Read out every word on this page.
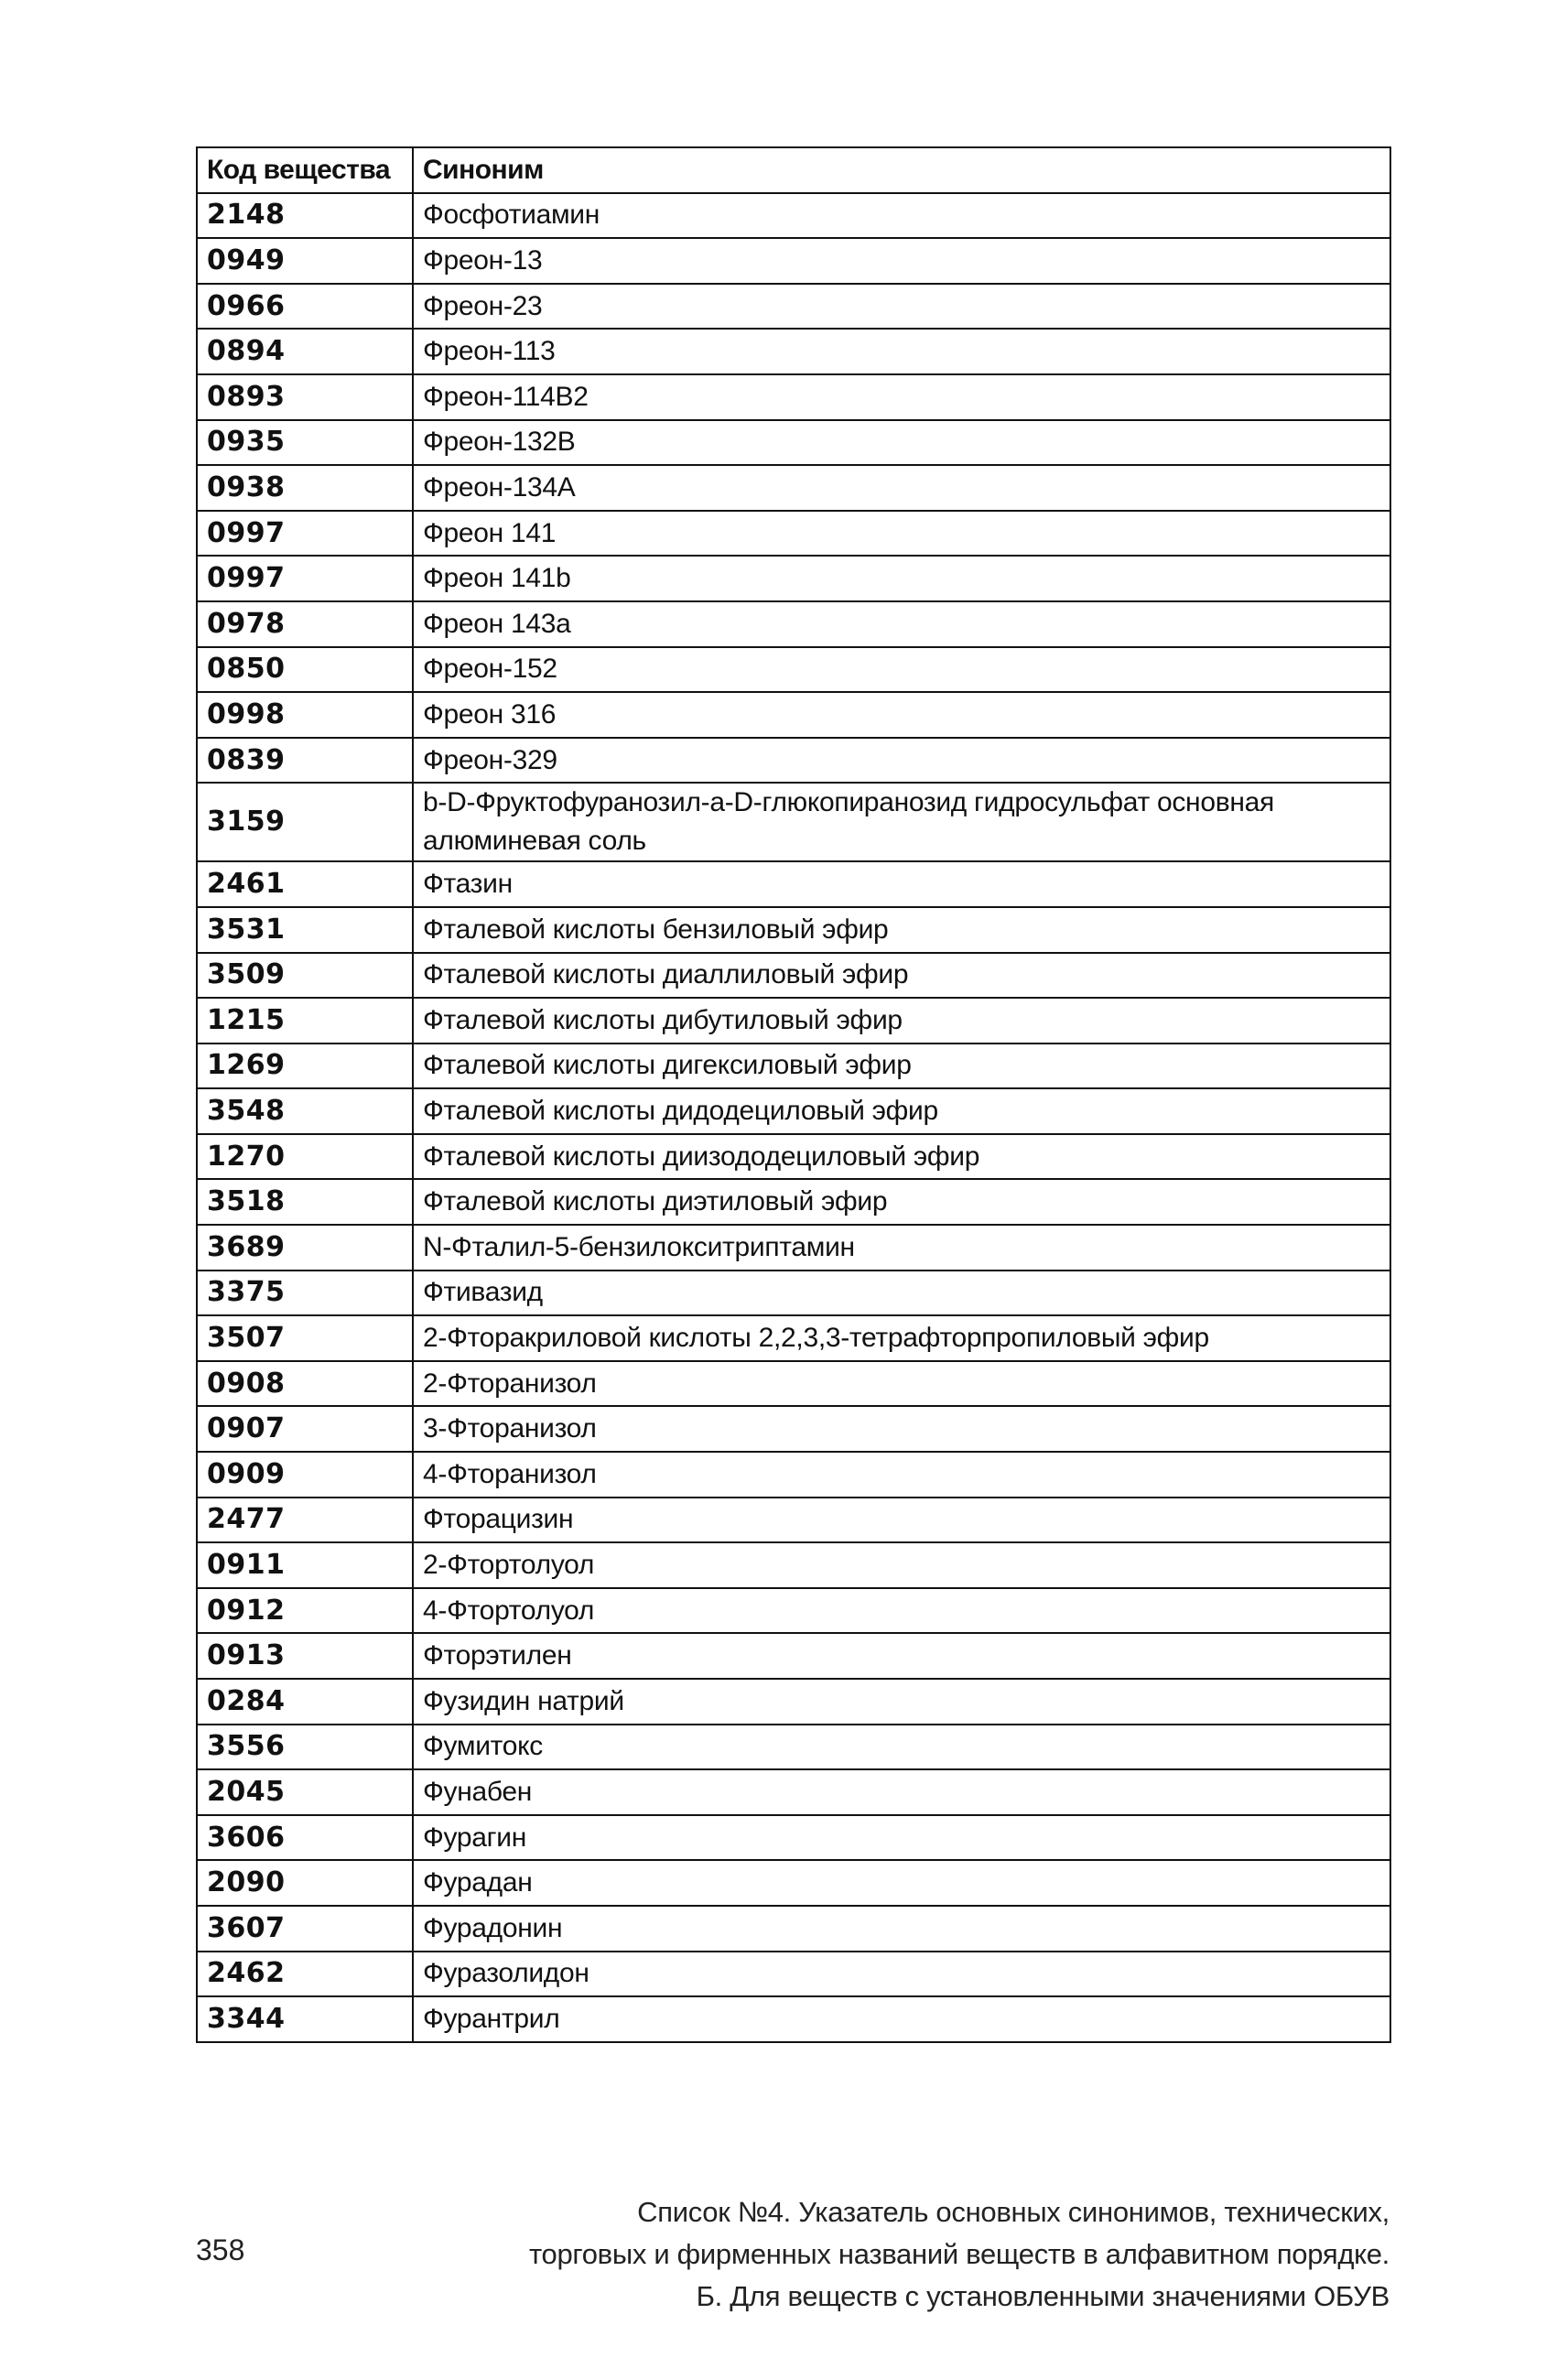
Код вещества	Синоним
2148	Фосфотиамин
0949	Фреон-13
0966	Фреон-23
0894	Фреон-113
0893	Фреон-114В2
0935	Фреон-132В
0938	Фреон-134А
0997	Фреон 141
0997	Фреон 141b
0978	Фреон 143а
0850	Фреон-152
0998	Фреон 316
0839	Фреон-329
3159	b-D-Фруктофуранозил-а-D-глюкопиранозид гидросульфат основная алюминевая соль
2461	Фтазин
3531	Фталевой кислоты бензиловый эфир
3509	Фталевой кислоты диаллиловый эфир
1215	Фталевой кислоты дибутиловый эфир
1269	Фталевой кислоты дигексиловый эфир
3548	Фталевой кислоты дидодециловый эфир
1270	Фталевой кислоты диизододециловый эфир
3518	Фталевой кислоты диэтиловый эфир
3689	N-Фталил-5-бензилокситриптамин
3375	Фтивазид
3507	2-Фторакриловой кислоты 2,2,3,3-тетрафторпропиловый эфир
0908	2-Фторанизол
0907	3-Фторанизол
0909	4-Фторанизол
2477	Фторацизин
0911	2-Фтортолуол
0912	4-Фтортолуол
0913	Фторэтилен
0284	Фузидин натрий
3556	Фумитокс
2045	Фунабен
3606	Фурагин
2090	Фурадан
3607	Фурадонин
2462	Фуразолидон
3344	Фурантрил
358
Список №4. Указатель основных синонимов, технических,
торговых и фирменных названий веществ в алфавитном порядке.
Б. Для веществ с установленными значениями ОБУВ
